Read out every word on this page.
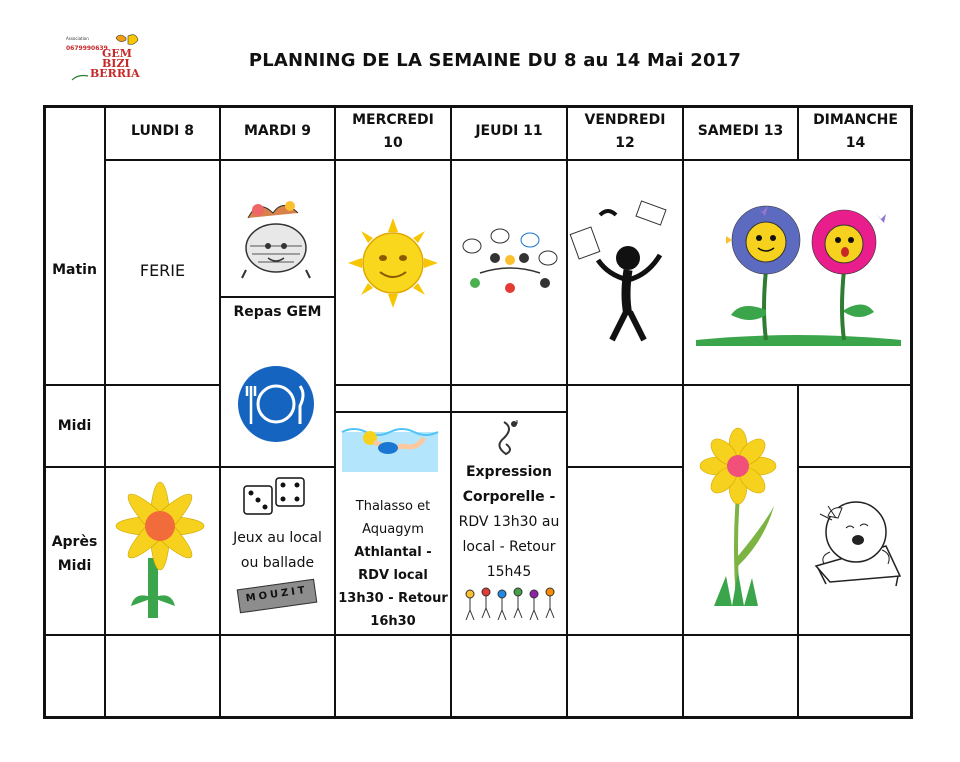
Association
0679990639
GEM
BIZI
BERRIA
PLANNING DE LA SEMAINE DU 8 au 14 Mai 2017
LUNDI 8	MARDI 9
MERCREDI
10
JEUDI 11
VENDREDI
12
SAMEDI 13
DIMANCHE
14
Matin
Midi
Après
Midi
FERIE
Repas GEM
Jeux au local
ou ballade
Thalasso et
Aquagym
Athlantal -
RDV local
13h30 - Retour
16h30
Expression
Corporelle -
RDV 13h30 au
local - Retour
15h45
MOUZIT
